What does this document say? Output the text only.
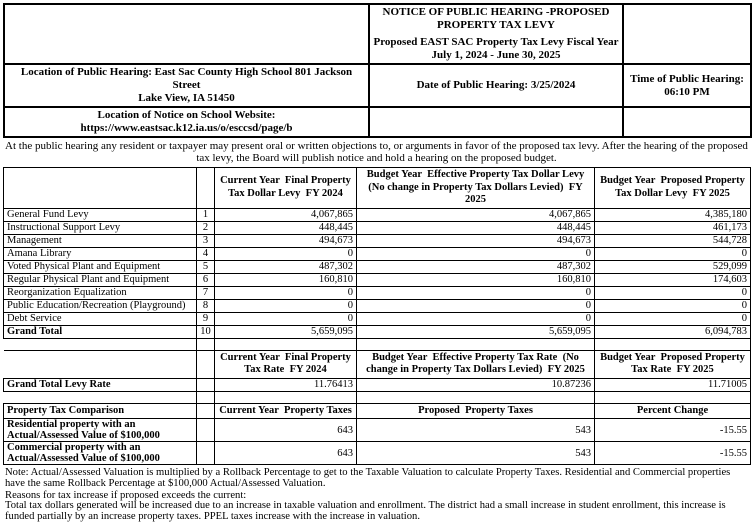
	NOTICE OF PUBLIC HEARING -PROPOSED
PROPERTY TAX LEVY
Proposed EAST SAC Property Tax Levy Fiscal Year
July 1, 2024 - June 30, 2025	

Location of Public Hearing: East Sac County High School 801 Jackson Street
Lake View, IA 51450
	Date of Public Hearing: 3/25/2024	
Time of Public Hearing:
06:10 PM

Location of Notice on School Website:
https://www.eastsac.k12.ia.us/o/esccsd/page/b		

At the public hearing any resident or taxpayer may present oral or written objections to, or arguments in favor of the proposed tax levy. After the hearing of the proposed tax levy, the Board will publish notice and hold a hearing on the proposed budget.
		Current Year  Final Property Tax Dollar Levy  FY 2024	Budget Year  Effective Property Tax Dollar Levy  (No change in Property Tax Dollars Levied)  FY 2025	Budget Year  Proposed Property Tax Dollar Levy  FY 2025
General Fund Levy	1	4,067,865	4,067,865	4,385,180
Instructional Support Levy	2	448,445	448,445	461,173
Management	3	494,673	494,673	544,728
Amana Library	4	0	0	0
Voted Physical Plant and Equipment	5	487,302	487,302	529,099
Regular Physical Plant and Equipment	6	160,810	160,810	174,603
Reorganization Equalization	7	0	0	0
Public Education/Recreation (Playground)	8	0	0	0
Debt Service	9	0	0	0
Grand Total	10	5,659,095	5,659,095	6,094,783

		Current Year  Final Property Tax Rate  FY 2024	Budget Year  Effective Property Tax Rate  (No change in Property Tax Dollars Levied)  FY 2025	Budget Year  Proposed Property Tax Rate  FY 2025
Grand Total Levy Rate		11.76413	10.87236	11.71005

Property Tax Comparison		Current Year  Property Taxes	Proposed  Property Taxes	Percent Change
Residential property with an Actual/Assessed Value of $100,000		643	543	-15.55
Commercial property with an Actual/Assessed Value of $100,000		643	543	-15.55
Note: Actual/Assessed Valuation is multiplied by a Rollback Percentage to get to the Taxable Valuation to calculate Property Taxes. Residential and Commercial properties have the same Rollback Percentage at $100,000 Actual/Assessed Valuation.
Reasons for tax increase if proposed exceeds the current:
Total tax dollars generated will be increased due to an increase in taxable valuation and enrollment. The district had a small increase in student enrollment, this increase is funded partially by an increase property taxes. PPEL taxes increase with the increase in valuation.
